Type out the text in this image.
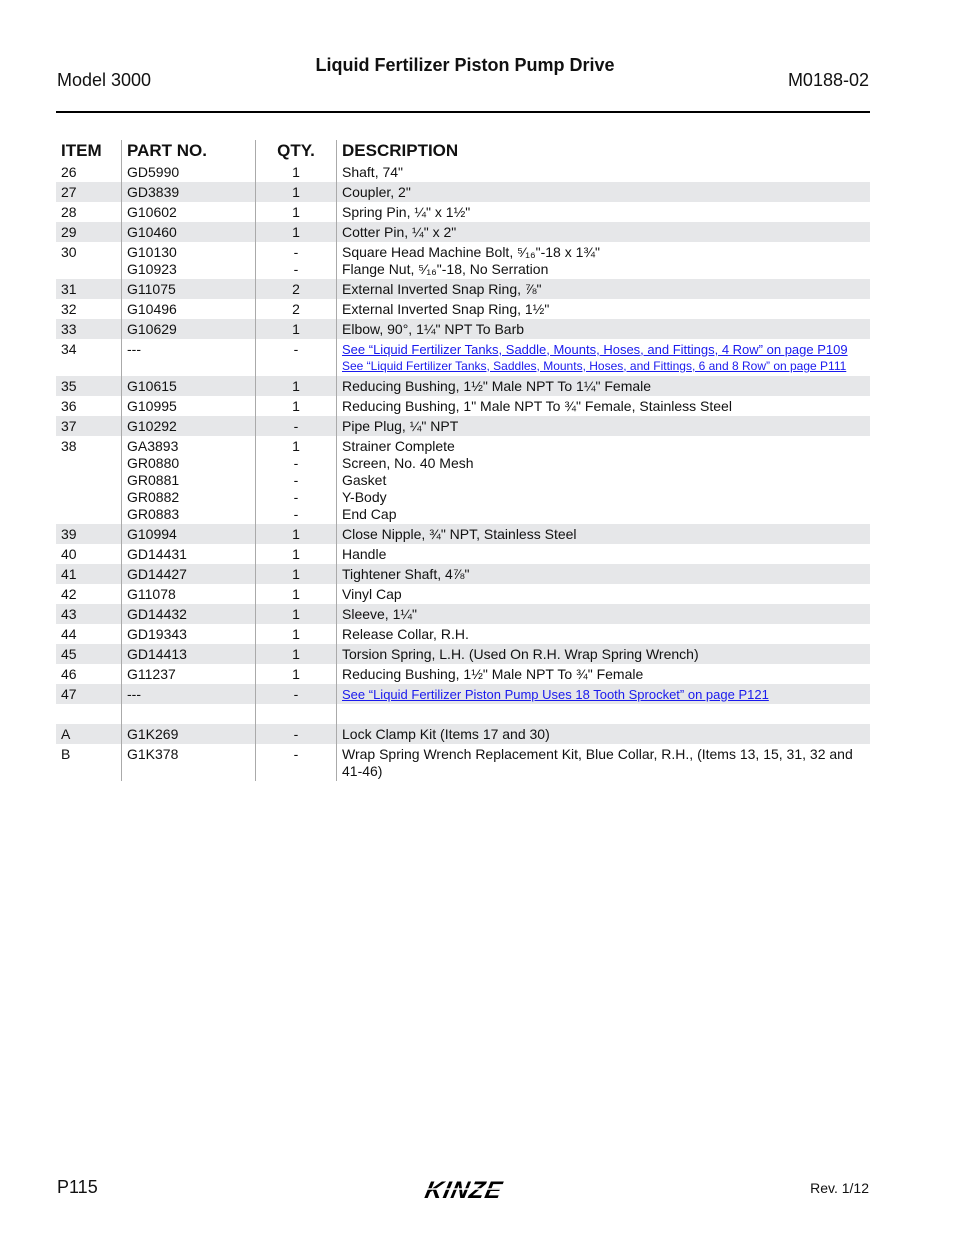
Liquid Fertilizer Piston Pump Drive
Model 3000	M0188-02
ITEM	PART NO.	QTY.	DESCRIPTION
26	GD5990	1	Shaft, 74"
27	GD3839	1	Coupler, 2"
28	G10602	1	Spring Pin, ¼" x 1½"
29	G10460	1	Cotter Pin, ¼" x 2"
30	G10130
G10923
-
-
Square Head Machine Bolt, ⁵⁄₁₆"-18 x 1¾"
Flange Nut, ⁵⁄₁₆"-18, No Serration
31	G11075	2	External Inverted Snap Ring, ⅞"
32	G10496	2	External Inverted Snap Ring, 1½"
33	G10629	1	Elbow, 90°, 1¼" NPT To Barb
34	---	-	See “Liquid Fertilizer Tanks, Saddle, Mounts, Hoses, and Fittings, 4 Row” on page P109
See “Liquid Fertilizer Tanks, Saddles, Mounts, Hoses, and Fittings, 6 and 8 Row” on page P111
35	G10615	1	Reducing Bushing, 1½" Male NPT To 1¼" Female
36	G10995	1	Reducing Bushing, 1" Male NPT To ¾" Female, Stainless Steel
37	G10292	-	Pipe Plug, ¼" NPT
38	GA3893
GR0880
GR0881
GR0882
GR0883
1
-
-
-
-
Strainer Complete
Screen, No. 40 Mesh
Gasket
Y-Body
End Cap
39	G10994	1	Close Nipple, ¾" NPT, Stainless Steel
40	GD14431	1	Handle
41	GD14427	1	Tightener Shaft, 4⅞"
42	G11078	1	Vinyl Cap
43	GD14432	1	Sleeve, 1¼"
44	GD19343	1	Release Collar, R.H.
45	GD14413	1	Torsion Spring, L.H. (Used On R.H. Wrap Spring Wrench)
46	G11237	1	Reducing Bushing, 1½" Male NPT To ¾" Female
47	---	-	See “Liquid Fertilizer Piston Pump Uses 18 Tooth Sprocket” on page P121
A	G1K269	-	Lock Clamp Kit (Items 17 and 30)
B	G1K378	-	Wrap Spring Wrench Replacement Kit, Blue Collar, R.H., (Items 13, 15, 31, 32 and 41-46)
P115	KINZE	Rev. 1/12
